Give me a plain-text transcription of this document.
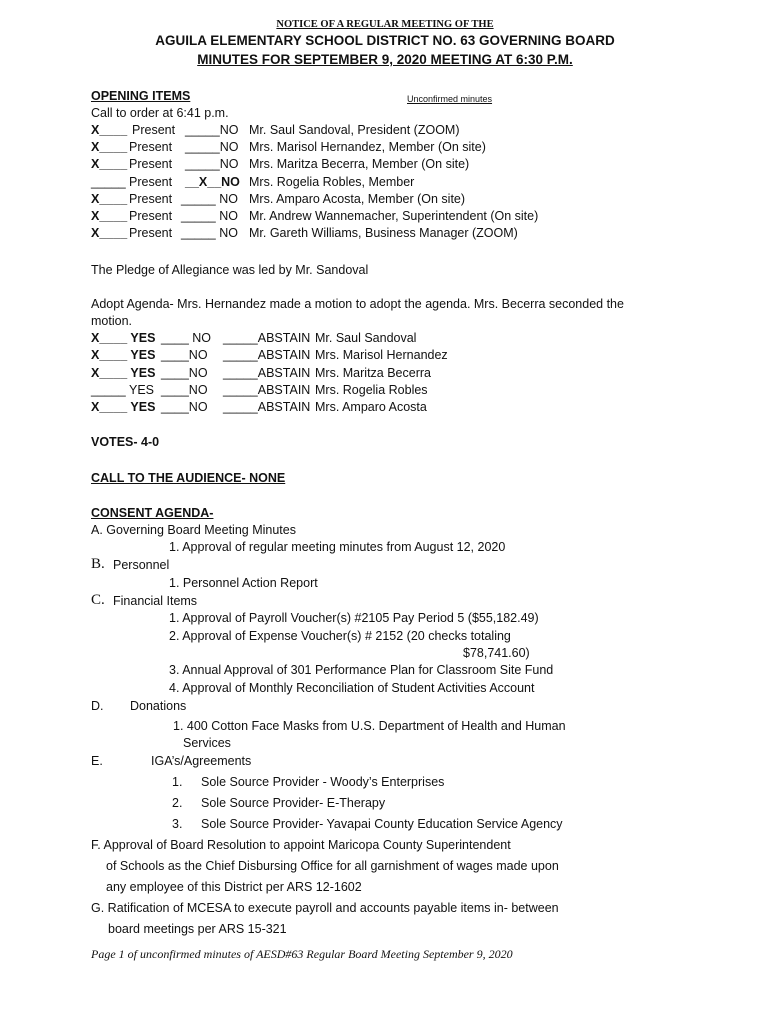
NOTICE OF A REGULAR MEETING OF THE
AGUILA ELEMENTARY SCHOOL DISTRICT NO. 63 GOVERNING BOARD
MINUTES FOR SEPTEMBER 9, 2020 MEETING AT 6:30 P.M.
OPENING ITEMS	Unconfirmed minutes
Call to order at 6:41 p.m.
X____ Present _____NO Mr. Saul Sandoval, President (ZOOM)
X____ Present _____NO Mrs. Marisol Hernandez, Member (On site)
X____ Present _____NO Mrs. Maritza Becerra, Member (On site)
_____ Present __X__NO Mrs. Rogelia Robles, Member
X____ Present _____ NO Mrs. Amparo Acosta, Member (On site)
X____ Present _____ NO Mr. Andrew Wannemacher, Superintendent (On site)
X____ Present _____ NO Mr. Gareth Williams, Business Manager (ZOOM)
The Pledge of Allegiance was led by Mr. Sandoval
Adopt Agenda- Mrs. Hernandez made a motion to adopt the agenda. Mrs. Becerra seconded the
motion.
X____ YES ____ NO _____ABSTAIN Mr. Saul Sandoval
X____ YES ____NO _____ABSTAIN Mrs. Marisol Hernandez
X____ YES ____NO _____ABSTAIN Mrs. Maritza Becerra
_____ YES ____NO _____ABSTAIN Mrs. Rogelia Robles
X____ YES ____NO _____ABSTAIN Mrs. Amparo Acosta
VOTES- 4-0
CALL TO THE AUDIENCE- NONE
CONSENT AGENDA-
A. Governing Board Meeting Minutes
1. Approval of regular meeting minutes from August 12, 2020
B. Personnel
1. Personnel Action Report
C. Financial Items
1. Approval of Payroll Voucher(s) #2105 Pay Period 5 ($55,182.49)
2. Approval of Expense Voucher(s) # 2152 (20 checks totaling
$78,741.60)
3. Annual Approval of 301 Performance Plan for Classroom Site Fund
4. Approval of Monthly Reconciliation of Student Activities Account
D. Donations
1. 400 Cotton Face Masks from U.S. Department of Health and Human
Services
E.	IGA’s/Agreements
1. Sole Source Provider - Woody’s Enterprises
2. Sole Source Provider- E-Therapy
3. Sole Source Provider- Yavapai County Education Service Agency
F. Approval of Board Resolution to appoint Maricopa County Superintendent
of Schools as the Chief Disbursing Office for all garnishment of wages made upon
any employee of this District per ARS 12-1602
G. Ratification of MCESA to execute payroll and accounts payable items in- between
board meetings per ARS 15-321
Page 1 of unconfirmed minutes of AESD#63 Regular Board Meeting September 9, 2020
